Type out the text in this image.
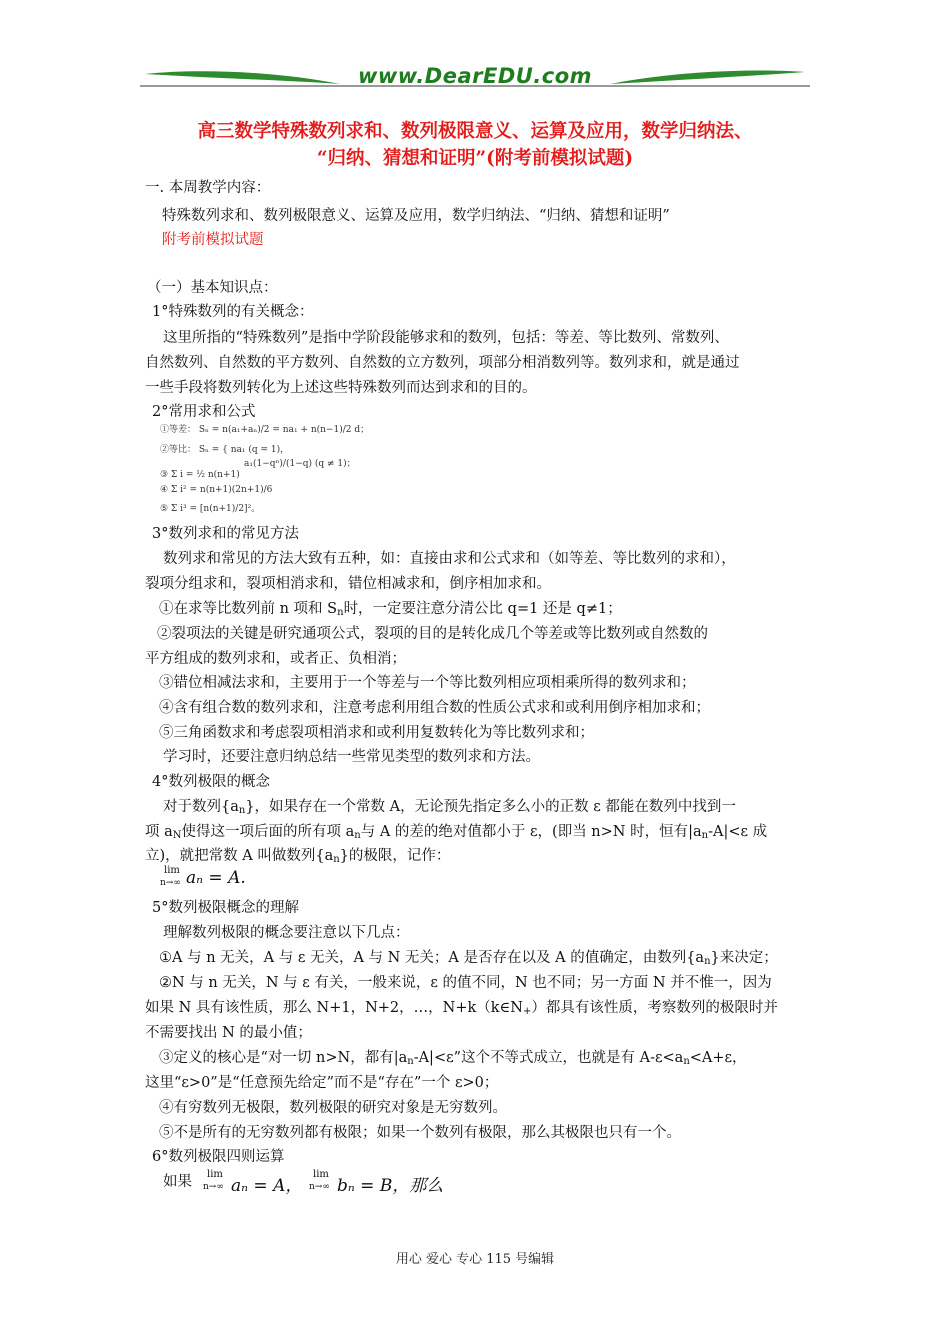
www.DearEDU.com
高三数学特殊数列求和、数列极限意义、运算及应用，数学归纳法、
“归纳、猜想和证明”(附考前模拟试题)
一. 本周教学内容：
特殊数列求和、数列极限意义、运算及应用，数学归纳法、“归纳、猜想和证明”
附考前模拟试题
（一）基本知识点：
1°特殊数列的有关概念：
这里所指的“特殊数列”是指中学阶段能够求和的数列，包括：等差、等比数列、常数列、
自然数列、自然数的平方数列、自然数的立方数列，项部分相消数列等。数列求和，就是通过
一些手段将数列转化为上述这些特殊数列而达到求和的目的。
2°常用求和公式
①等差： Sₙ = n(a₁+aₙ)/2 = na₁ + n(n−1)/2 d；
②等比： Sₙ = { na₁ (q = 1)，
a₁(1−qⁿ)/(1−q) (q ≠ 1)；
③ Σ i = ½ n(n+1)
④ Σ i² = n(n+1)(2n+1)/6
⑤ Σ i³ = [n(n+1)/2]²。
3°数列求和的常见方法
数列求和常见的方法大致有五种，如：直接由求和公式求和（如等差、等比数列的求和），
裂项分组求和，裂项相消求和，错位相减求和，倒序相加求和。
①在求等比数列前 n 项和 Sn时，一定要注意分清公比 q=1 还是 q≠1；
②裂项法的关键是研究通项公式，裂项的目的是转化成几个等差或等比数列或自然数的
平方组成的数列求和，或者正、负相消；
③错位相减法求和，主要用于一个等差与一个等比数列相应项相乘所得的数列求和；
④含有组合数的数列求和，注意考虑利用组合数的性质公式求和或利用倒序相加求和；
⑤三角函数求和考虑裂项相消求和或利用复数转化为等比数列求和；
学习时，还要注意归纳总结一些常见类型的数列求和方法。
4°数列极限的概念
对于数列{an}，如果存在一个常数 A，无论预先指定多么小的正数 ε 都能在数列中找到一
项 aN使得这一项后面的所有项 an与 A 的差的绝对值都小于 ε，(即当 n>N 时，恒有|an-A|<ε 成
立)，就把常数 A 叫做数列{an}的极限，记作：
lim
n→∞ aₙ = A.
5°数列极限概念的理解
理解数列极限的概念要注意以下几点：
①A 与 n 无关，A 与 ε 无关，A 与 N 无关；A 是否存在以及 A 的值确定，由数列{an}来决定；
②N 与 n 无关，N 与 ε 有关，一般来说，ε 的值不同，N 也不同；另一方面 N 并不惟一，因为
如果 N 具有该性质，那么 N+1，N+2，…，N+k（k∈N+）都具有该性质，考察数列的极限时并
不需要找出 N 的最小值；
③定义的核心是“对一切 n>N，都有|an-A|<ε”这个不等式成立，也就是有 A-ε<an<A+ε，
这里“ε>0”是“任意预先给定”而不是“存在”一个 ε>0；
④有穷数列无极限，数列极限的研究对象是无穷数列。
⑤不是所有的无穷数列都有极限；如果一个数列有极限，那么其极限也只有一个。
6°数列极限四则运算
如果 lim
n→∞ aₙ = A，
lim
n→∞ bₙ = B，那么
用心 爱心 专心 115 号编辑
